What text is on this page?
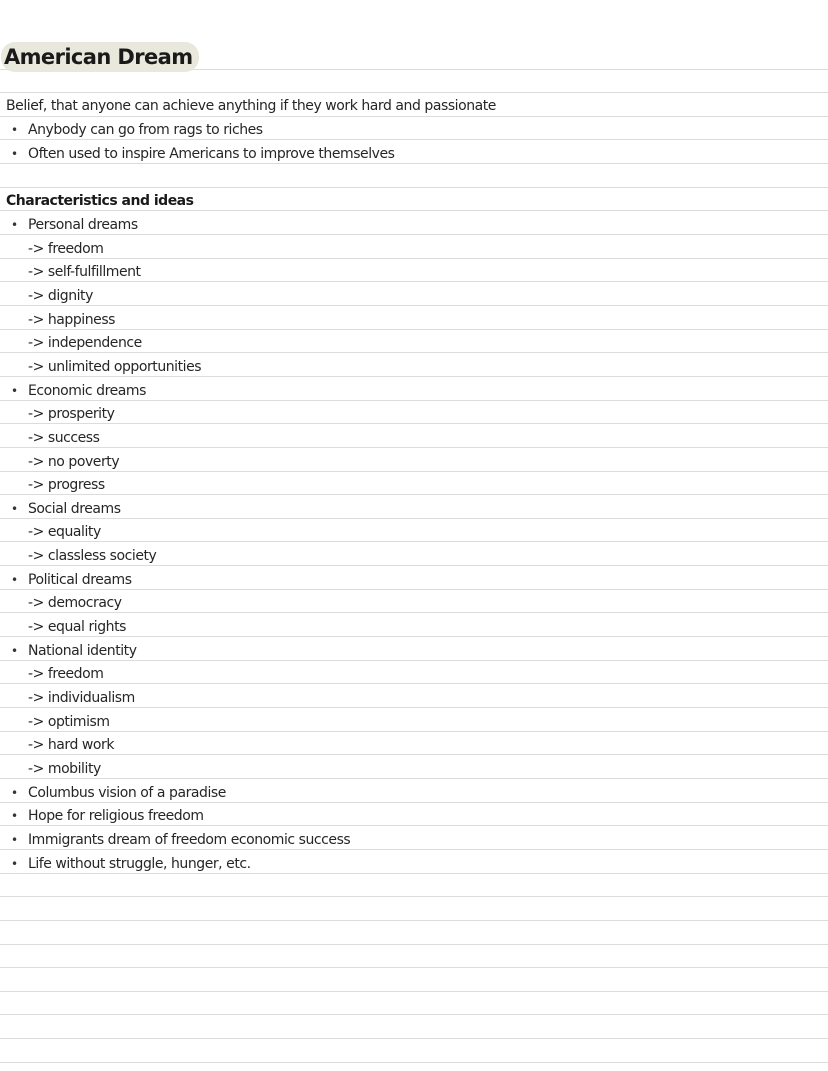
American Dream
Belief, that anyone can achieve anything if they work hard and passionate
• Anybody can go from rags to riches
• Often used to inspire Americans to improve themselves
Characteristics and ideas
• Personal dreams
-> freedom
-> self-fulfillment
-> dignity
-> happiness
-> independence
-> unlimited opportunities
• Economic dreams
-> prosperity
-> success
-> no poverty
-> progress
• Social dreams
-> equality
-> classless society
• Political dreams
-> democracy
-> equal rights
• National identity
-> freedom
-> individualism
-> optimism
-> hard work
-> mobility
• Columbus vision of a paradise
• Hope for religious freedom
• Immigrants dream of freedom economic success
• Life without struggle, hunger, etc.
